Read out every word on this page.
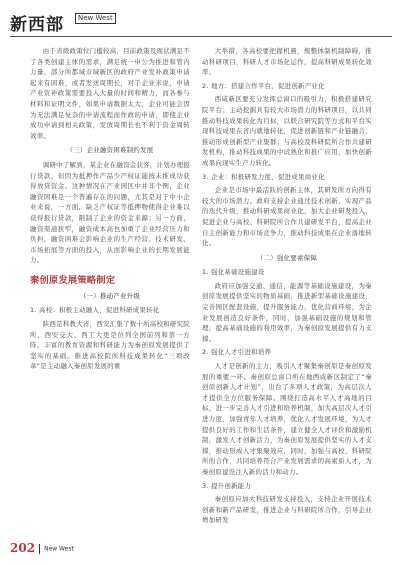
新西部	New West

由于省级政策位门槛较高，目前政策及现状满足不了各类创建主体的需求，满足统一申公为推进和管内力量，部分所都域市域新区的政府产业发补政策申请起来有困难，或者发送周期长，对于企业来说，申请产业资补政策需要投入大量的时间和精力，而各参与材料和证明文件，如果申请数据太大，企业可能会因为无法满足复杂的申请流程而作政的申请，即使企业成功申请到相关政策，发放周期长也不利于资金周转效率。

（三）企业融资困难制约发展

调研中了解到，某企业在融资金获客，计划办理报行贷款，但因为抵押作产品少产权证能按未推成功获得放贷资金。这种情况在产业园区中并非个例，企业融资困难是一个普遍存在的问题，尤其是对于中小企业来说，一方面，缺乏产权证等抵押物使得企业难以获得报行贷款，限制了企业的资金来源；另一方面，融资渠道狭窄，融资成本高也加重了企业经营压力和负担，融资困难会影响企业的生产经营、技术研发、市场拓展等方面的投入，从而影响企业的长期发展能力。

秦创原发展策略制定

（一）推动产业升级

1. 高校：积极主动融入，促进科研成果转化

陕西是科教大省，西安汇集了数十所高校和研究院所，西安交大、西工大更是位列全国前列和第一方阵，丰富的教育资源和科研能力为秦创原发展提供了坚实的基础。推进高校院所科技成果转化“三项改革”是主动融入秦创原发展的重

大举措，各高校要把握机遇，规整体制机制障碍，推动科研项目，科研人才市场化运作，提高科研成果转化效率。

2. 地方：搭建合作平台，促进创新产业化

西咸新区要充分发挥总窗口的吸引力，积极搭建研究院平台；主动挖掘具有较大市场潜力的科研项目，以共同推动科技成果转化为目标，以联合研究院等方式和平台实现科技成果在省内就地转化，促进创新链和产业链融合，推动形成创新型产业集群；与高校及科研院所合作共建研发机构，推动科技成果的中试熟化和推广应用，加快创新成果向现实生产力转化。

3. 企业：积极研发力度，促进成果商业化

企业是市场中最活跃的创新主体，其研发所方向得有较大的市场潜力。政府支持企业通过技术创新，实现产品的迭代升级，推动科研成果商业化，加大企业研发投入，促进企业与高校、科研院所合作共建研发平台，提高企业自主创新能力和市场竞争力，推动科技成果在企业落地转化。

（二）强化要素保障

1. 强化基础设施建设

政府应加强交通、通信、能源等基础设施建设，为秦创原发展提供坚实的物质基础，推进新型基础设施建设，完善园区配套设施，提升服务能力，优化营商环境，为企业发展创造良好条件，同时，加强基础设施的规划和管理，提高基础设施的利用效率，为秦创原发展提供有力支撑。

2. 强化人才引进和培养

人才是创新的主力，吸引人才聚集秦创原是秦创原发展的重要一环。秦创原总窗口所在地西咸新区制定了“秦创原创新人才计划”，出台了多项人才政策，为高层次人才提供全方位服务保障。围绕打造高水平人才高地的目标，进一步完善人才引进和培养机制，加大高层次人才引进力度，加强青年人才培养，优化人才发展环境，为人才提供良好的工作和生活条件，建立健全人才评价和激励机制，激发人才创新活力，为秦创原发展提供坚实的人才支撑，推动形成人才集聚效应，同时，加强与高校、科研院所的合作，共同培养符合产业发展需求的高素质人才，为秦创原建设注入新的活力和动力。

3. 提升创新能力

秦创原应加大科技研发支持投入，支持企业开展技术创新和新产品研发，推进企业与科研院所合作，引导企业增加研发

202 New West
